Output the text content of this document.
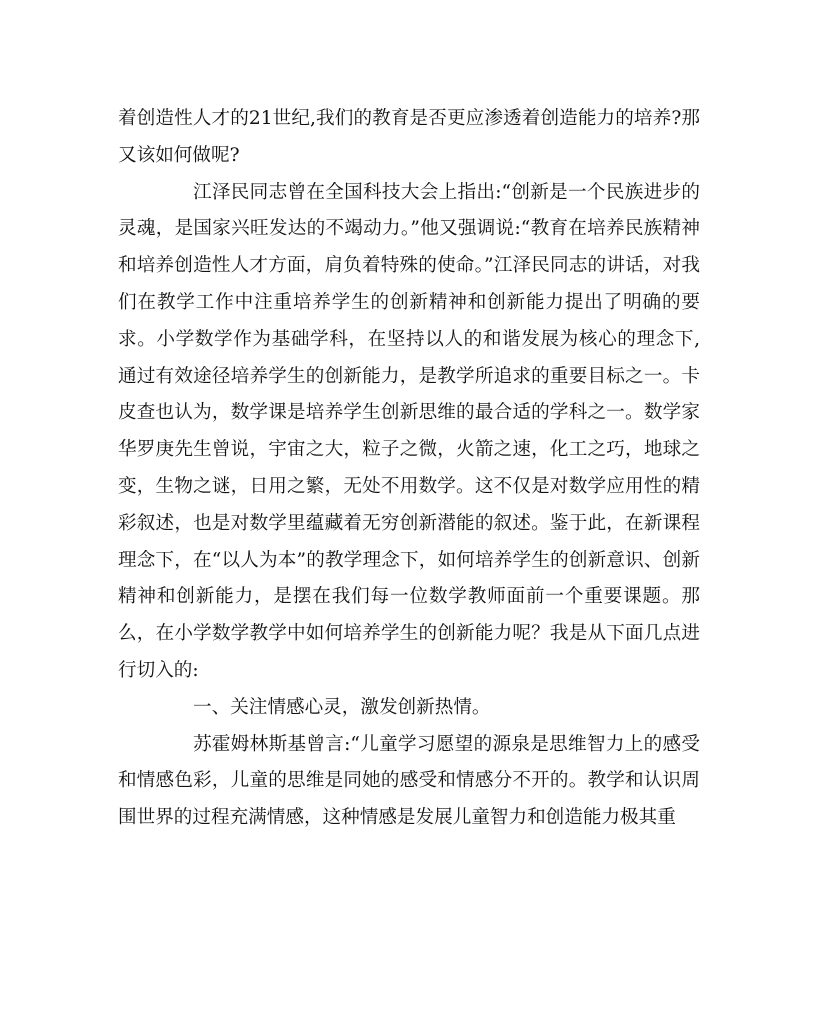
着创造性人才的21世纪,我们的教育是否更应渗透着创造能力的培养?那又该如何做呢?

江泽民同志曾在全国科技大会上指出:“创新是一个民族进步的灵魂，是国家兴旺发达的不竭动力。”他又强调说:“教育在培养民族精神和培养创造性人才方面，肩负着特殊的使命。”江泽民同志的讲话，对我们在教学工作中注重培养学生的创新精神和创新能力提出了明确的要求。小学数学作为基础学科，在坚持以人的和谐发展为核心的理念下,通过有效途径培养学生的创新能力，是教学所追求的重要目标之一。卡皮查也认为，数学课是培养学生创新思维的最合适的学科之一。数学家华罗庚先生曾说，宇宙之大，粒子之微，火箭之速，化工之巧，地球之变，生物之谜，日用之繁，无处不用数学。这不仅是对数学应用性的精彩叙述，也是对数学里蕴藏着无穷创新潜能的叙述。鉴于此，在新课程理念下，在“以人为本”的教学理念下，如何培养学生的创新意识、创新精神和创新能力，是摆在我们每一位数学教师面前一个重要课题。那么，在小学数学教学中如何培养学生的创新能力呢？我是从下面几点进行切入的:

一、关注情感心灵，激发创新热情。

苏霍姆林斯基曾言:“儿童学习愿望的源泉是思维智力上的感受和情感色彩，儿童的思维是同她的感受和情感分不开的。教学和认识周围世界的过程充满情感，这种情感是发展儿童智力和创造能力极其重
